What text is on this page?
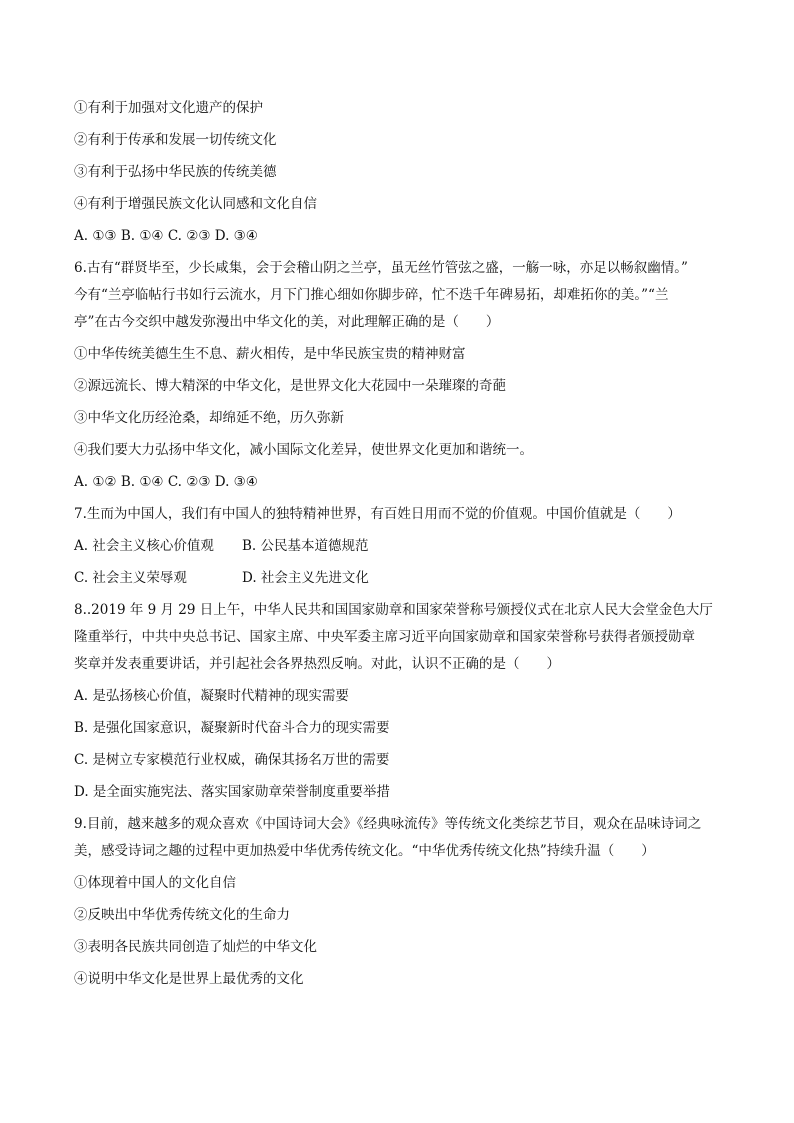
①有利于加强对文化遗产的保护
②有利于传承和发展一切传统文化
③有利于弘扬中华民族的传统美德
④有利于增强民族文化认同感和文化自信
A. ①③ B. ①④ C. ②③ D. ③④
6.古有“群贤毕至，少长咸集，会于会稽山阴之兰亭，虽无丝竹管弦之盛，一觞一咏，亦足以畅叙幽情。”
今有“兰亭临帖行书如行云流水，月下门推心细如你脚步碎，忙不迭千年碑易拓，却难拓你的美。”“兰
亭”在古今交织中越发弥漫出中华文化的美，对此理解正确的是（　　）
①中华传统美德生生不息、薪火相传，是中华民族宝贵的精神财富
②源远流长、博大精深的中华文化，是世界文化大花园中一朵璀璨的奇葩
③中华文化历经沧桑，却绵延不绝，历久弥新
④我们要大力弘扬中华文化，减小国际文化差异，使世界文化更加和谐统一。
A. ①② B. ①④ C. ②③ D. ③④
7.生而为中国人，我们有中国人的独特精神世界，有百姓日用而不觉的价值观。中国价值就是（　　）
A. 社会主义核心价值观 B. 公民基本道德规范
C. 社会主义荣辱观	D. 社会主义先进文化
8..2019 年 9 月 29 日上午，中华人民共和国国家勋章和国家荣誉称号颁授仪式在北京人民大会堂金色大厅
隆重举行，中共中央总书记、国家主席、中央军委主席习近平向国家勋章和国家荣誉称号获得者颁授勋章
奖章并发表重要讲话，并引起社会各界热烈反响。对此，认识不正确的是（　　）
A. 是弘扬核心价值，凝聚时代精神的现实需要
B. 是强化国家意识，凝聚新时代奋斗合力的现实需要
C. 是树立专家模范行业权威，确保其扬名万世的需要
D. 是全面实施宪法、落实国家勋章荣誉制度重要举措
9.目前，越来越多的观众喜欢《中国诗词大会》《经典咏流传》等传统文化类综艺节目，观众在品味诗词之
美，感受诗词之趣的过程中更加热爱中华优秀传统文化。“中华优秀传统文化热”持续升温（　　）
①体现着中国人的文化自信
②反映出中华优秀传统文化的生命力
③表明各民族共同创造了灿烂的中华文化
④说明中华文化是世界上最优秀的文化
